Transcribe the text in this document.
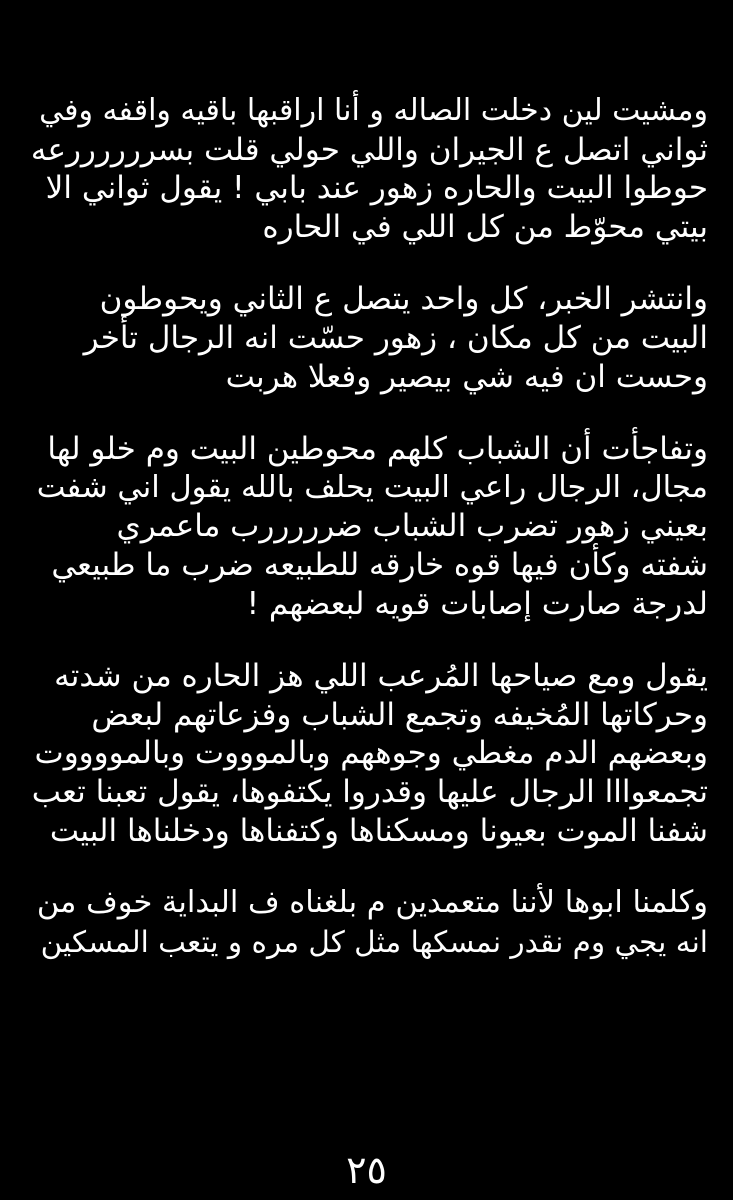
ومشيت لين دخلت الصاله و أنا اراقبها باقيه واقفه وفي
ثواني اتصل ع الجيران واللي حولي قلت بسررررررعه
حوطوا البيت والحاره زهور عند بابي ! يقول ثواني الا
بيتي محوّط من كل اللي في الحاره
وانتشر الخبر، كل واحد يتصل ع الثاني ويحوطون
البيت من كل مكان ، زهور حسّت انه الرجال تأخر
وحست ان فيه شي بيصير وفعلا هربت
وتفاجأت أن الشباب كلهم محوطين البيت وم خلو لها
مجال، الرجال راعي البيت يحلف بالله يقول اني شفت
بعيني زهور تضرب الشباب ضرررررب ماعمري
شفته وكأن فيها قوه خارقه للطبيعه ضرب ما طبيعي
لدرجة صارت إصابات قويه لبعضهم !
يقول ومع صياحها المُرعب اللي هز الحاره من شدته
وحركاتها المُخيفه وتجمع الشباب وفزعاتهم لبعض
وبعضهم الدم مغطي وجوههم وبالموووت وبالمووووت
تجمعوااا الرجال عليها وقدروا يكتفوها، يقول تعبنا تعب
شفنا الموت بعيونا ومسكناها وكتفناها ودخلناها البيت
وكلمنا ابوها لأننا متعمدين م بلغناه ف البداية خوف من
انه يجي وم نقدر نمسكها مثل كل مره و يتعب المسكين
٢٥
